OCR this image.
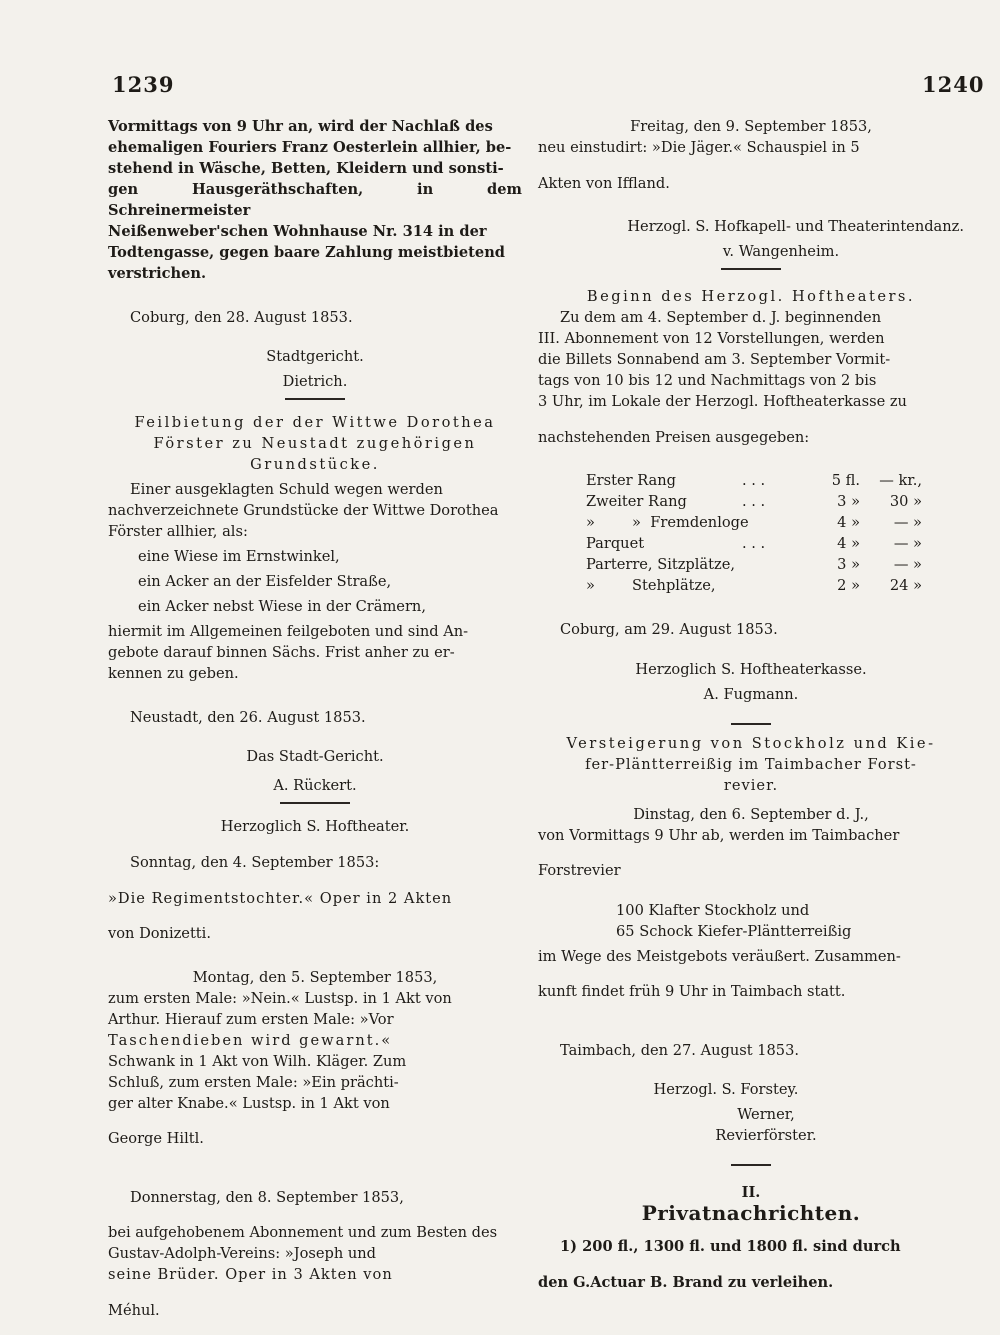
1239	1240

Vormittags von 9 Uhr an, wird der Nachlaß des

ehemaligen Fouriers Franz Oesterlein allhier, be-

stehend in Wäsche, Betten, Kleidern und sonsti-

gen Hausgeräthschaften, in dem Schreinermeister

Neißenweber'schen Wohnhause Nr. 314 in der

Todtengasse, gegen baare Zahlung meistbietend

verstrichen.

Coburg, den 28. August 1853.

Stadtgericht.

Dietrich.

Feilbietung der der Wittwe Dorothea

Förster zu Neustadt zugehörigen

Grundstücke.

Einer ausgeklagten Schuld wegen werden

nachverzeichnete Grundstücke der Wittwe Dorothea

Förster allhier, als:

eine Wiese im Ernstwinkel,

ein Acker an der Eisfelder Straße,

ein Acker nebst Wiese in der Crämern,

hiermit im Allgemeinen feilgeboten und sind An-

gebote darauf binnen Sächs. Frist anher zu er-

kennen zu geben.

Neustadt, den 26. August 1853.

Das Stadt-Gericht.

A. Rückert.

Herzoglich S. Hoftheater.

Sonntag, den 4. September 1853:

»Die Regimentstochter.« Oper in 2 Akten

von Donizetti.

Montag, den 5. September 1853,

zum ersten Male: »Nein.« Lustsp. in 1 Akt von

Arthur. Hierauf zum ersten Male: »Vor

Taschendieben wird gewarnt.«

Schwank in 1 Akt von Wilh. Kläger. Zum

Schluß, zum ersten Male: »Ein prächti-

ger alter Knabe.« Lustsp. in 1 Akt von

George Hiltl.

Donnerstag, den 8. September 1853,

bei aufgehobenem Abonnement und zum Besten des

Gustav-Adolph-Vereins: »Joseph und

seine Brüder. Oper in 3 Akten von

Méhul.

Freitag, den 9. September 1853,

neu einstudirt: »Die Jäger.« Schauspiel in 5

Akten von Iffland.

Herzogl. S. Hofkapell- und Theaterintendanz.

v. Wangenheim.

Beginn des Herzogl. Hoftheaters.

Zu dem am 4. September d. J. beginnenden

III. Abonnement von 12 Vorstellungen, werden

die Billets Sonnabend am 3. September Vormit-

tags von 10 bis 12 und Nachmittags von 2 bis

3 Uhr, im Lokale der Herzogl. Hoftheaterkasse zu

nachstehenden Preisen ausgegeben:

Erster Rang	. . .	5 fl.	— kr.,
Zweiter Rang	. . .	3 »	30 »
»        »  Fremdenloge		4 »	— »
Parquet	. . .	4 »	— »
Parterre, Sitzplätze,		3 »	— »
»        Stehplätze,		2 »	24 »

Coburg, am 29. August 1853.

Herzoglich S. Hoftheaterkasse.

A. Fugmann.

Versteigerung von Stockholz und Kie-

fer-Pläntterreißig im Taimbacher Forst-

revier.

Dinstag, den 6. September d. J.,

von Vormittags 9 Uhr ab, werden im Taimbacher

Forstrevier

100 Klafter Stockholz und

65 Schock Kiefer-Pläntterreißig

im Wege des Meistgebots veräußert. Zusammen-

kunft findet früh 9 Uhr in Taimbach statt.

Taimbach, den 27. August 1853.

Herzogl. S. Forstey.

Werner,

Revierförster.

II.

Privatnachrichten.

1) 200 fl., 1300 fl. und 1800 fl. sind durch

den G.Actuar B. Brand zu verleihen.
